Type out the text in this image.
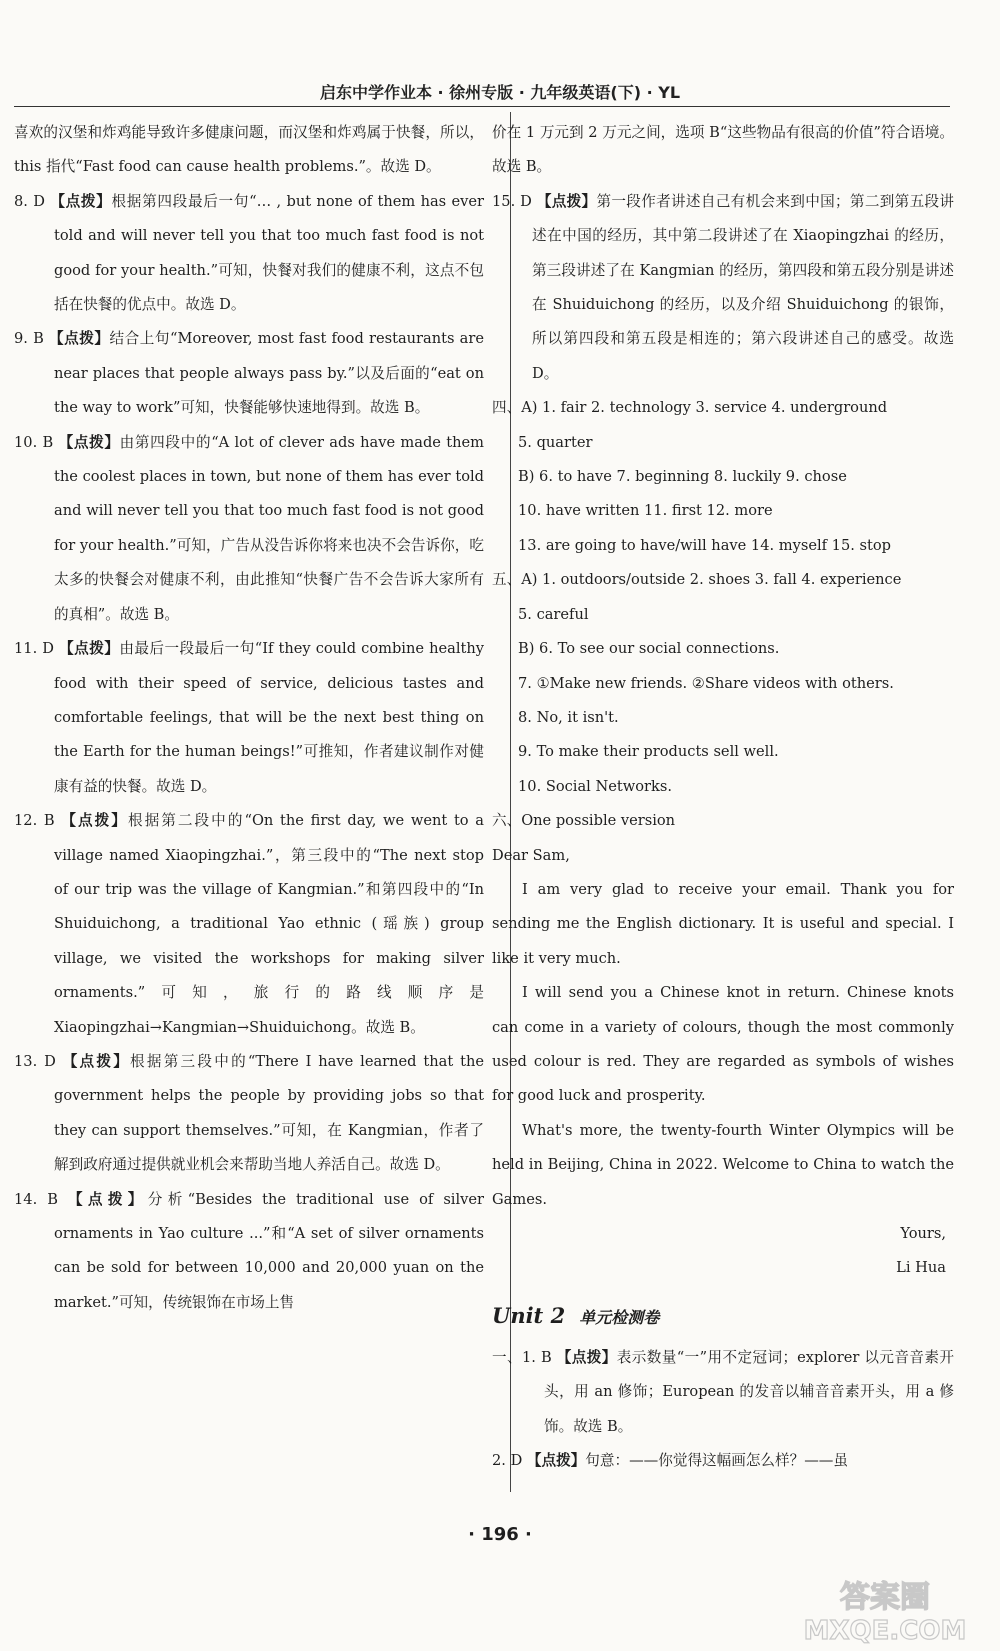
启东中学作业本 · 徐州专版 · 九年级英语(下) · YL
喜欢的汉堡和炸鸡能导致许多健康问题，而汉堡和炸鸡属于快餐，所以，this 指代“Fast food can cause health problems.”。故选 D。
8. D 【点拨】根据第四段最后一句“… , but none of them has ever told and will never tell you that too much fast food is not good for your health.”可知，快餐对我们的健康不利，这点不包括在快餐的优点中。故选 D。
9. B 【点拨】结合上句“Moreover, most fast food restaurants are near places that people always pass by.”以及后面的“eat on the way to work”可知，快餐能够快速地得到。故选 B。
10. B 【点拨】由第四段中的“A lot of clever ads have made them the coolest places in town, but none of them has ever told and will never tell you that too much fast food is not good for your health.”可知，广告从没告诉你将来也决不会告诉你，吃太多的快餐会对健康不利，由此推知“快餐广告不会告诉大家所有的真相”。故选 B。
11. D 【点拨】由最后一段最后一句“If they could combine healthy food with their speed of service, delicious tastes and comfortable feelings, that will be the next best thing on the Earth for the human beings!”可推知，作者建议制作对健康有益的快餐。故选 D。
12. B 【点拨】根据第二段中的“On the first day, we went to a village named Xiaopingzhai.”，第三段中的“The next stop of our trip was the village of Kangmian.”和第四段中的“In Shuiduichong, a traditional Yao ethnic (瑶族) group village, we visited the workshops for making silver ornaments.”可知，旅行的路线顺序是 Xiaopingzhai→Kangmian→Shuiduichong。故选 B。
13. D 【点拨】根据第三段中的“There I have learned that the government helps the people by providing jobs so that they can support themselves.”可知，在 Kangmian，作者了解到政府通过提供就业机会来帮助当地人养活自己。故选 D。
14. B 【点拨】分析“Besides the traditional use of silver ornaments in Yao culture ...”和“A set of silver ornaments can be sold for between 10,000 and 20,000 yuan on the market.”可知，传统银饰在市场上售
价在 1 万元到 2 万元之间，选项 B“这些物品有很高的价值”符合语境。故选 B。
15. D 【点拨】第一段作者讲述自己有机会来到中国；第二到第五段讲述在中国的经历，其中第二段讲述了在 Xiaopingzhai 的经历，第三段讲述了在 Kangmian 的经历，第四段和第五段分别是讲述在 Shuiduichong 的经历，以及介绍 Shuiduichong 的银饰，所以第四段和第五段是相连的；第六段讲述自己的感受。故选 D。
四、A) 1. fair 2. technology 3. service 4. underground
5. quarter
B) 6. to have 7. beginning 8. luckily 9. chose
10. have written 11. first 12. more
13. are going to have/will have 14. myself 15. stop
五、A) 1. outdoors/outside 2. shoes 3. fall 4. experience
5. careful
B) 6. To see our social connections.
7. ①Make new friends. ②Share videos with others.
8. No, it isn't.
9. To make their products sell well.
10. Social Networks.
六、One possible version
Dear Sam,
I am very glad to receive your email. Thank you for sending me the English dictionary. It is useful and special. I like it very much.
I will send you a Chinese knot in return. Chinese knots can come in a variety of colours, though the most commonly used colour is red. They are regarded as symbols of wishes for good luck and prosperity.
What's more, the twenty-fourth Winter Olympics will be held in Beijing, China in 2022. Welcome to China to watch the Games.
Yours,
Li Hua
Unit 2 单元检测卷
一、1. B 【点拨】表示数量“一”用不定冠词；explorer 以元音音素开头，用 an 修饰；European 的发音以辅音音素开头，用 a 修饰。故选 B。
2. D 【点拨】句意：——你觉得这幅画怎么样？——虽
· 196 ·
答案圈
MXQE.COM
